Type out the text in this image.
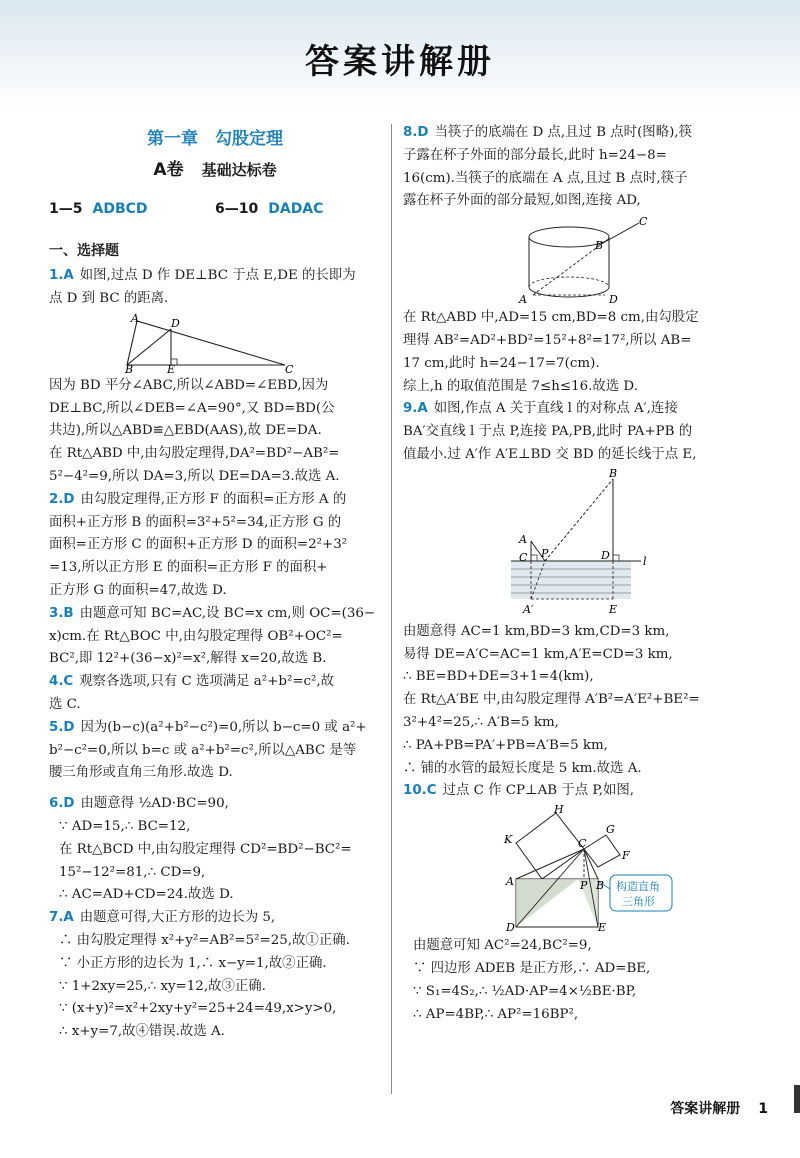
答案讲解册
第一章　勾股定理
A卷 基础达标卷
1—5 ADBCD	6—10 DADAC
一、选择题

1.A 如图,过点 D 作 DE⊥BC 于点 E,DE 的长即为

点 D 到 BC 的距离.

A	D
B	E	C

因为 BD 平分∠ABC,所以∠ABD=∠EBD,因为

DE⊥BC,所以∠DEB=∠A=90°,又 BD=BD(公

共边),所以△ABD≌△EBD(AAS),故 DE=DA.

在 Rt△ABD 中,由勾股定理得,DA²=BD²−AB²=

5²−4²=9,所以 DA=3,所以 DE=DA=3.故选 A.

2.D 由勾股定理得,正方形 F 的面积=正方形 A 的

面积+正方形 B 的面积=3²+5²=34,正方形 G 的

面积=正方形 C 的面积+正方形 D 的面积=2²+3²

=13,所以正方形 E 的面积=正方形 F 的面积+

正方形 G 的面积=47,故选 D.

3.B 由题意可知 BC=AC,设 BC=x cm,则 OC=(36−

x)cm.在 Rt△BOC 中,由勾股定理得 OB²+OC²=

BC²,即 12²+(36−x)²=x²,解得 x=20,故选 B.

4.C 观察各选项,只有 C 选项满足 a²+b²=c²,故

选 C.

5.D 因为(b−c)(a²+b²−c²)=0,所以 b−c=0 或 a²+

b²−c²=0,所以 b=c 或 a²+b²=c²,所以△ABC 是等

腰三角形或直角三角形.故选 D.

6.D 由题意得 ½AD·BC=90,

∵ AD=15,∴ BC=12,

在 Rt△BCD 中,由勾股定理得 CD²=BD²−BC²=

15²−12²=81,∴ CD=9,

∴ AC=AD+CD=24.故选 D.

7.A 由题意可得,大正方形的边长为 5,

∴ 由勾股定理得 x²+y²=AB²=5²=25,故①正确.

∵ 小正方形的边长为 1,∴ x−y=1,故②正确.

∵ 1+2xy=25,∴ xy=12,故③正确.

∵ (x+y)²=x²+2xy+y²=25+24=49,x>y>0,

∴ x+y=7,故④错误.故选 A.

8.D 当筷子的底端在 D 点,且过 B 点时(图略),筷

子露在杯子外面的部分最长,此时 h=24−8=

16(cm).当筷子的底端在 A 点,且过 B 点时,筷子

露在杯子外面的部分最短,如图,连接 AD,

C
B
A	D

在 Rt△ABD 中,AD=15 cm,BD=8 cm,由勾股定

理得 AB²=AD²+BD²=15²+8²=17²,所以 AB=

17 cm,此时 h=24−17=7(cm).

综上,h 的取值范围是 7≤h≤16.故选 D.

9.A 如图,作点 A 关于直线 l 的对称点 A′,连接

BA′交直线 l 于点 P,连接 PA,PB,此时 PA+PB 的

值最小.过 A′作 A′E⊥BD 交 BD 的延长线于点 E,

B
A
C P	D	l
A′	E

由题意得 AC=1 km,BD=3 km,CD=3 km,

易得 DE=A′C=AC=1 km,A′E=CD=3 km,

∴ BE=BD+DE=3+1=4(km),

在 Rt△A′BE 中,由勾股定理得 A′B²=A′E²+BE²=

3²+4²=25,∴ A′B=5 km,

∴ PA+PB=PA′+PB=A′B=5 km,

∴ 铺的水管的最短长度是 5 km.故选 A.

10.C 过点 C 作 CP⊥AB 于点 P,如图,

构造直角
三角形
H
K
G
C
F
A	P B
D	E

由题意可知 AC²=24,BC²=9,

∵ 四边形 ADEB 是正方形,∴ AD=BE,

∵ S₁=4S₂,∴ ½AD·AP=4×½BE·BP,

∴ AP=4BP,∴ AP²=16BP²,

答案讲解册 1
